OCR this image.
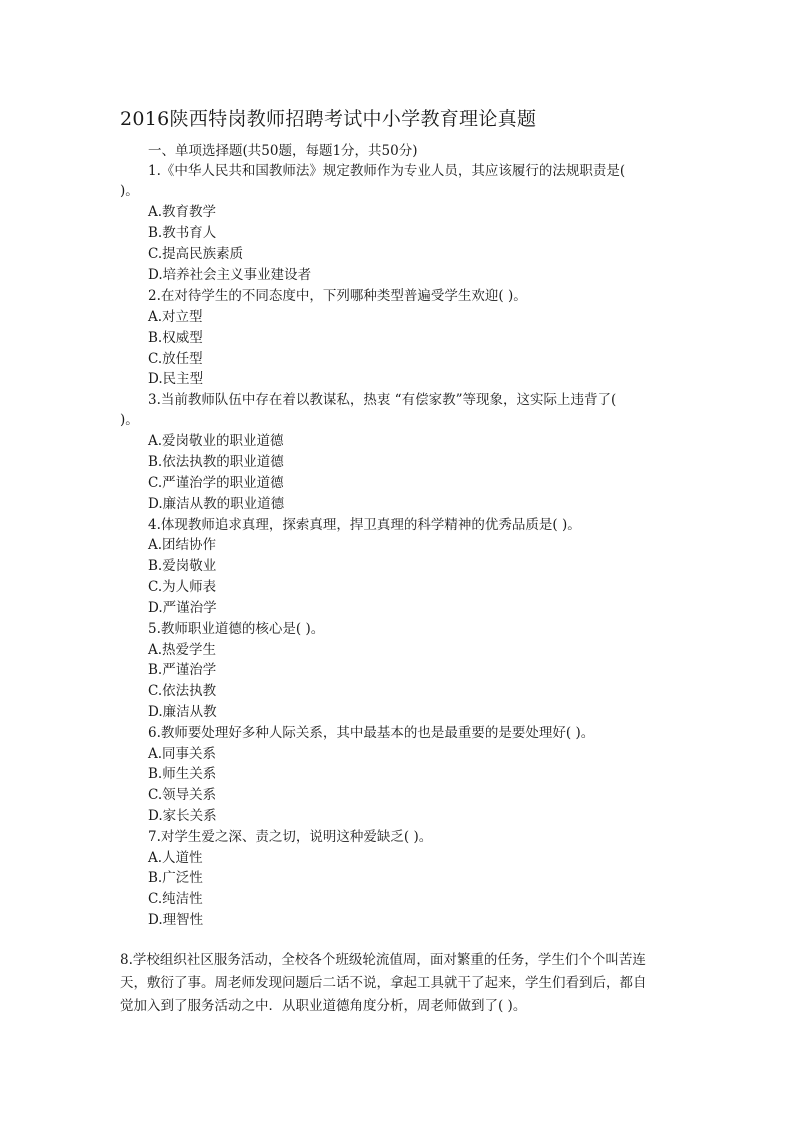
2016陕西特岗教师招聘考试中小学教育理论真题
一、单项选择题(共50题，每题1分，共50分)
1.《中华人民共和国教师法》规定教师作为专业人员，其应该履行的法规职责是(
)。
A.教育教学
B.教书育人
C.提高民族素质
D.培养社会主义事业建设者
2.在对待学生的不同态度中，下列哪种类型普遍受学生欢迎( )。
A.对立型
B.权威型
C.放任型
D.民主型
3.当前教师队伍中存在着以教谋私，热衷 “有偿家教”等现象，这实际上违背了(
)。
A.爱岗敬业的职业道德
B.依法执教的职业道德
C.严谨治学的职业道德
D.廉洁从教的职业道德
4.体现教师追求真理，探索真理，捍卫真理的科学精神的优秀品质是( )。
A.团结协作
B.爱岗敬业
C.为人师表
D.严谨治学
5.教师职业道德的核心是( )。
A.热爱学生
B.严谨治学
C.依法执教
D.廉洁从教
6.教师要处理好多种人际关系，其中最基本的也是最重要的是要处理好( )。
A.同事关系
B.师生关系
C.领导关系
D.家长关系
7.对学生爱之深、责之切，说明这种爱缺乏( )。
A.人道性
B.广泛性
C.纯洁性
D.理智性
8.学校组织社区服务活动，全校各个班级轮流值周，面对繁重的任务，学生们个个叫苦连
天，敷衍了事。周老师发现问题后二话不说，拿起工具就干了起来，学生们看到后，都自
觉加入到了服务活动之中．从职业道德角度分析，周老师做到了( )。
